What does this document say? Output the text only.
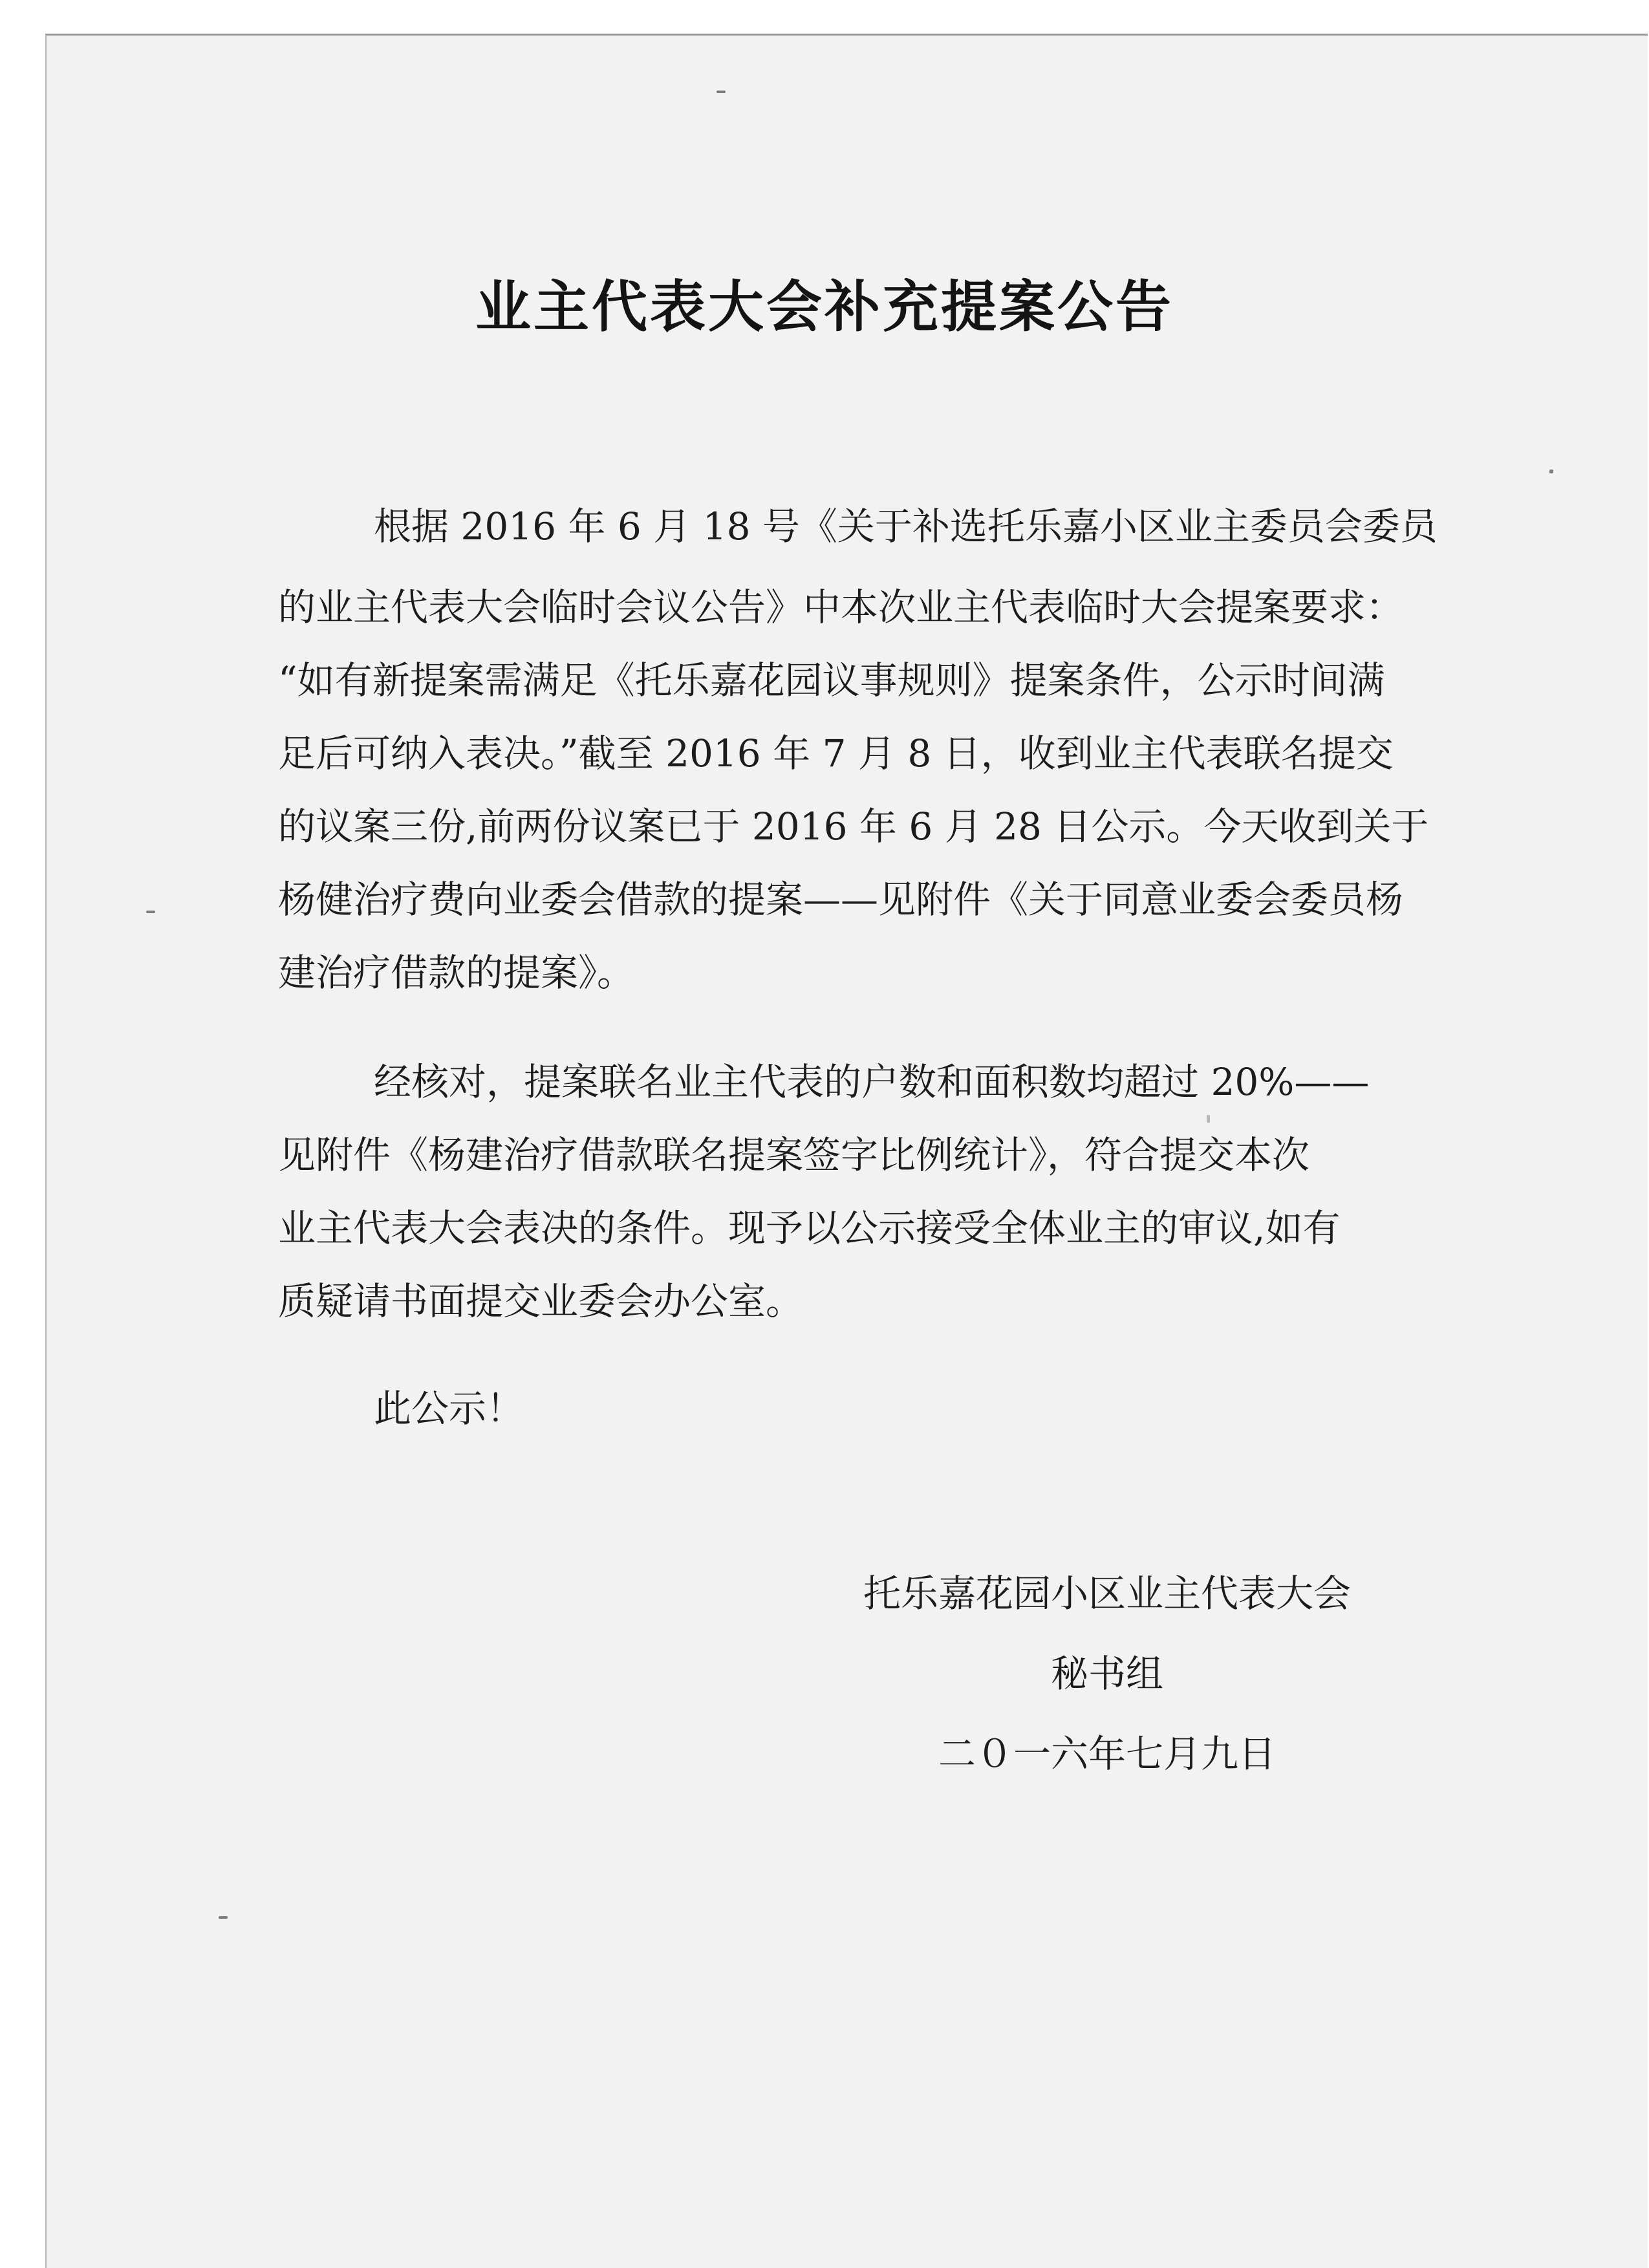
业主代表大会补充提案公告

根据 2016 年 6 月 18 号《关于补选托乐嘉小区业主委员会委员

的业主代表大会临时会议公告》中本次业主代表临时大会提案要求：

“如有新提案需满足《托乐嘉花园议事规则》提案条件，公示时间满

足后可纳入表决。”截至 2016 年 7 月 8 日，收到业主代表联名提交

的议案三份,前两份议案已于 2016 年 6 月 28 日公示。今天收到关于

杨健治疗费向业委会借款的提案——见附件《关于同意业委会委员杨

建治疗借款的提案》。

经核对，提案联名业主代表的户数和面积数均超过 20%——

见附件《杨建治疗借款联名提案签字比例统计》，符合提交本次

业主代表大会表决的条件。现予以公示接受全体业主的审议,如有

质疑请书面提交业委会办公室。

此公示！

托乐嘉花园小区业主代表大会

秘书组

二０一六年七月九日
